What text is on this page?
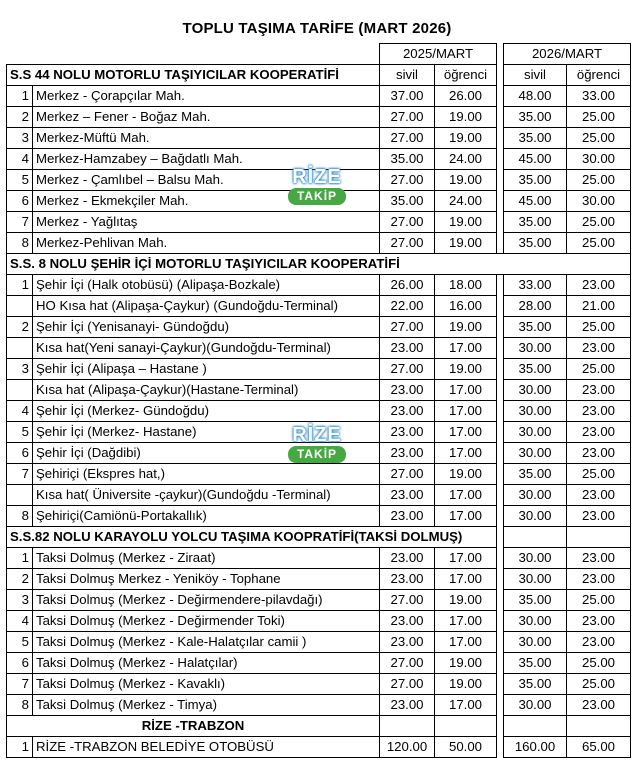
TOPLU TAŞIMA TARİFE (MART 2026)
		2025/MART			2026/MART	
S.S 44 NOLU MOTORLU TAŞIYICILAR KOOPERATİFİ		sivil	öğrenci		sivil	öğrenci
1	Merkez - Çorapçılar Mah.	37.00	26.00		48.00	33.00
2	Merkez – Fener - Boğaz Mah.	27.00	19.00		35.00	25.00
3	Merkez-Müftü Mah.	27.00	19.00		35.00	25.00
4	Merkez-Hamzabey – Bağdatlı Mah.	35.00	24.00		45.00	30.00
5	Merkez - Çamlıbel – Balsu Mah.	27.00	19.00		35.00	25.00
6	Merkez - Ekmekçiler Mah.	35.00	24.00		45.00	30.00
7	Merkez - Yağlıtaş	27.00	19.00		35.00	25.00
8	Merkez-Pehlivan Mah.	27.00	19.00		35.00	25.00
S.S. 8 NOLU ŞEHİR İÇİ MOTORLU TAŞIYICILAR KOOPERATİFİ						
1	Şehir İçi (Halk otobüsü) (Alipaşa-Bozkale)	26.00	18.00		33.00	23.00
	HO Kısa hat (Alipaşa-Çaykur) (Gundoğdu-Terminal)	22.00	16.00		28.00	21.00
2	Şehir İçi (Yenisanayi- Gündoğdu)	27.00	19.00		35.00	25.00
	Kısa hat(Yeni sanayi-Çaykur)(Gundoğdu-Terminal)	23.00	17.00		30.00	23.00
3	Şehir İçi (Alipaşa – Hastane )	27.00	19.00		35.00	25.00
	Kısa hat (Alipaşa-Çaykur)(Hastane-Terminal)	23.00	17.00		30.00	23.00
4	Şehir İçi (Merkez- Gündoğdu)	23.00	17.00		30.00	23.00
5	Şehir İçi (Merkez- Hastane)	23.00	17.00		30.00	23.00
6	Şehir İçi (Dağdibi)	23.00	17.00		30.00	23.00
7	Şehiriçi (Ekspres hat,)	27.00	19.00		35.00	25.00
	Kısa hat( Üniversite -çaykur)(Gundoğdu -Terminal)	23.00	17.00		30.00	23.00
8	Şehiriçi(Camiönü-Portakallık)	23.00	17.00		30.00	23.00
S.S.82 NOLU KARAYOLU YOLCU TAŞIMA KOOPRATİFİ(TAKSİ DOLMUŞ)						
1	Taksi Dolmuş (Merkez - Ziraat)	23.00	17.00		30.00	23.00
2	Taksi Dolmuş Merkez - Yeniköy - Tophane	23.00	17.00		30.00	23.00
3	Taksi Dolmuş (Merkez - Değirmendere-pilavdağı)	27.00	19.00		35.00	25.00
4	Taksi Dolmuş (Merkez - Değirmender Toki)	23.00	17.00		30.00	23.00
5	Taksi Dolmuş (Merkez - Kale-Halatçılar camii )	23.00	17.00		30.00	23.00
6	Taksi Dolmuş (Merkez - Halatçılar)	27.00	19.00		35.00	25.00
7	Taksi Dolmuş (Merkez - Kavaklı)	27.00	19.00		35.00	25.00
8	Taksi Dolmuş (Merkez - Timya)	23.00	17.00		30.00	23.00
RİZE -TRABZON						
1	RİZE -TRABZON BELEDİYE OTOBÜSÜ	120.00	50.00		160.00	65.00
RİZE
TAKİP
RİZE
TAKİP
